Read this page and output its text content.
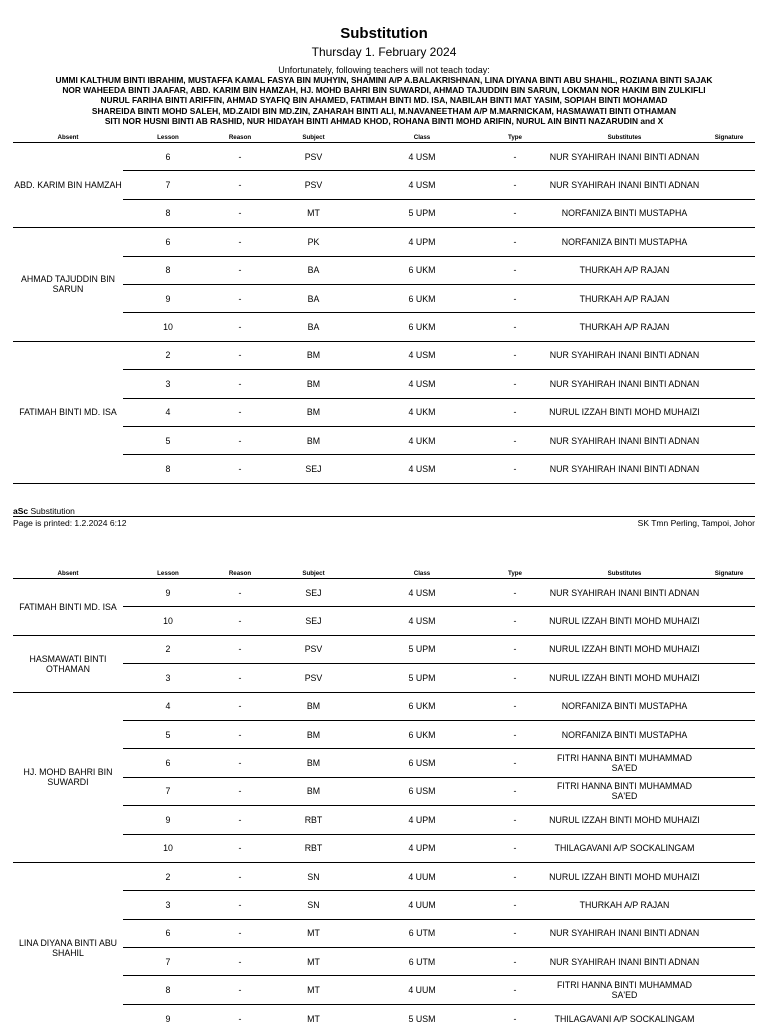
Substitution
Thursday 1. February 2024
Unfortunately, following teachers will not teach today:
UMMI KALTHUM BINTI IBRAHIM, MUSTAFFA KAMAL FASYA BIN MUHYIN, SHAMINI A/P A.BALAKRISHNAN, LINA DIYANA BINTI ABU SHAHIL, ROZIANA BINTI SAJAK
NOR WAHEEDA BINTI JAAFAR, ABD. KARIM BIN HAMZAH, HJ. MOHD BAHRI BIN SUWARDI, AHMAD TAJUDDIN BIN SARUN, LOKMAN NOR HAKIM BIN ZULKIFLI
NURUL FARIHA BINTI ARIFFIN, AHMAD SYAFIQ BIN AHAMED, FATIMAH BINTI MD. ISA, NABILAH BINTI MAT YASIM, SOPIAH BINTI MOHAMAD
SHAREIDA BINTI MOHD SALEH, MD.ZAIDI BIN MD.ZIN, ZAHARAH BINTI ALI, M.NAVANEETHAM A/P M.MARNICKAM, HASMAWATI BINTI OTHAMAN
SITI NOR HUSNI BINTI AB RASHID, NUR HIDAYAH BINTI AHMAD KHOD, ROHANA BINTI MOHD ARIFIN, NURUL AIN BINTI NAZARUDIN and X
Absent	Lesson	Reason	Subject	Class	Type	Substitutes	Signature
ABD. KARIM BIN HAMZAH	6	-	PSV	4 USM	-	NUR SYAHIRAH INANI BINTI ADNAN	
	7	-	PSV	4 USM	-	NUR SYAHIRAH INANI BINTI ADNAN	
	8	-	MT	5 UPM	-	NORFANIZA BINTI MUSTAPHA	
AHMAD TAJUDDIN BIN SARUN	6	-	PK	4 UPM	-	NORFANIZA BINTI MUSTAPHA	
	8	-	BA	6 UKM	-	THURKAH A/P RAJAN	
	9	-	BA	6 UKM	-	THURKAH A/P RAJAN	
	10	-	BA	6 UKM	-	THURKAH A/P RAJAN	
FATIMAH BINTI MD. ISA	2	-	BM	4 USM	-	NUR SYAHIRAH INANI BINTI ADNAN	
	3	-	BM	4 USM	-	NUR SYAHIRAH INANI BINTI ADNAN	
	4	-	BM	4 UKM	-	NURUL IZZAH BINTI MOHD MUHAIZI	
	5	-	BM	4 UKM	-	NUR SYAHIRAH INANI BINTI ADNAN	
	8	-	SEJ	4 USM	-	NUR SYAHIRAH INANI BINTI ADNAN	
aSc Substitution
Page is printed: 1.2.2024 6:12	SK Tmn Perling, Tampoi, Johor
Absent	Lesson	Reason	Subject	Class	Type	Substitutes	Signature
FATIMAH BINTI MD. ISA	9	-	SEJ	4 USM	-	NUR SYAHIRAH INANI BINTI ADNAN	
	10	-	SEJ	4 USM	-	NURUL IZZAH BINTI MOHD MUHAIZI	
HASMAWATI BINTI OTHAMAN	2	-	PSV	5 UPM	-	NURUL IZZAH BINTI MOHD MUHAIZI	
	3	-	PSV	5 UPM	-	NURUL IZZAH BINTI MOHD MUHAIZI	
HJ. MOHD BAHRI BIN SUWARDI	4	-	BM	6 UKM	-	NORFANIZA BINTI MUSTAPHA	
	5	-	BM	6 UKM	-	NORFANIZA BINTI MUSTAPHA	
	6	-	BM	6 USM	-	FITRI HANNA BINTI MUHAMMAD SA'ED	
	7	-	BM	6 USM	-	FITRI HANNA BINTI MUHAMMAD SA'ED	
	9	-	RBT	4 UPM	-	NURUL IZZAH BINTI MOHD MUHAIZI	
	10	-	RBT	4 UPM	-	THILAGAVANI A/P SOCKALINGAM	
LINA DIYANA BINTI ABU SHAHIL	2	-	SN	4 UUM	-	NURUL IZZAH BINTI MOHD MUHAIZI	
	3	-	SN	4 UUM	-	THURKAH A/P RAJAN	
	6	-	MT	6 UTM	-	NUR SYAHIRAH INANI BINTI ADNAN	
	7	-	MT	6 UTM	-	NUR SYAHIRAH INANI BINTI ADNAN	
	8	-	MT	4 UUM	-	FITRI HANNA BINTI MUHAMMAD SA'ED	
	9	-	MT	5 USM	-	THILAGAVANI A/P SOCKALINGAM	
